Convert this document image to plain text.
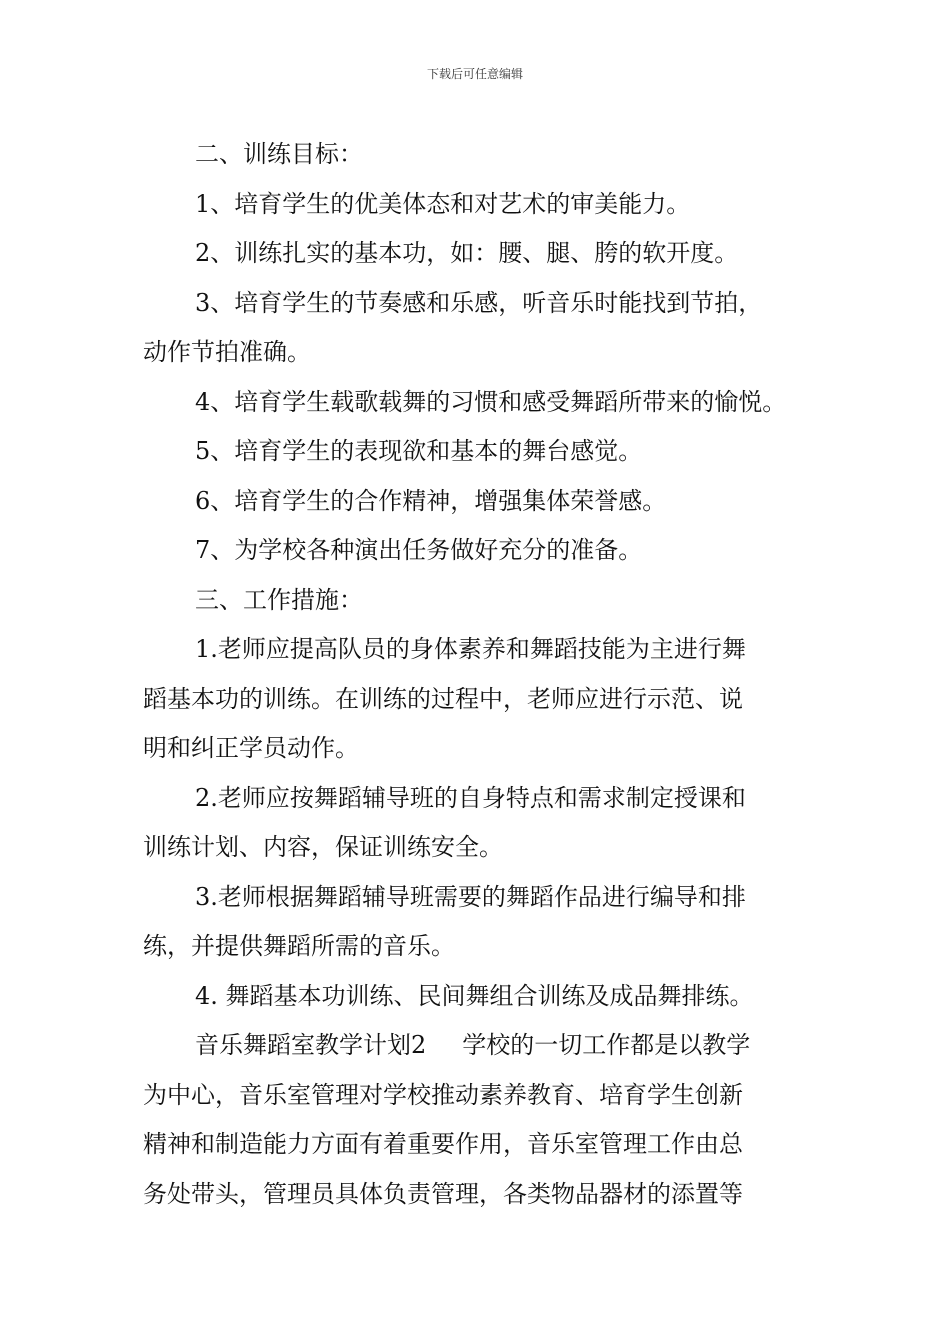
下载后可任意编辑

二、训练目标：

1、培育学生的优美体态和对艺术的审美能力。

2、训练扎实的基本功，如：腰、腿、胯的软开度。

3、培育学生的节奏感和乐感，听音乐时能找到节拍，

动作节拍准确。

4、培育学生载歌载舞的习惯和感受舞蹈所带来的愉悦。

5、培育学生的表现欲和基本的舞台感觉。

6、培育学生的合作精神，增强集体荣誉感。

7、为学校各种演出任务做好充分的准备。

三、工作措施：

1.老师应提高队员的身体素养和舞蹈技能为主进行舞

蹈基本功的训练。在训练的过程中，老师应进行示范、说

明和纠正学员动作。

2.老师应按舞蹈辅导班的自身特点和需求制定授课和

训练计划、内容，保证训练安全。

3.老师根据舞蹈辅导班需要的舞蹈作品进行编导和排

练，并提供舞蹈所需的音乐。

4. 舞蹈基本功训练、民间舞组合训练及成品舞排练。

音乐舞蹈室教学计划2 学校的一切工作都是以教学

为中心，音乐室管理对学校推动素养教育、培育学生创新

精神和制造能力方面有着重要作用，音乐室管理工作由总

务处带头，管理员具体负责管理，各类物品器材的添置等
